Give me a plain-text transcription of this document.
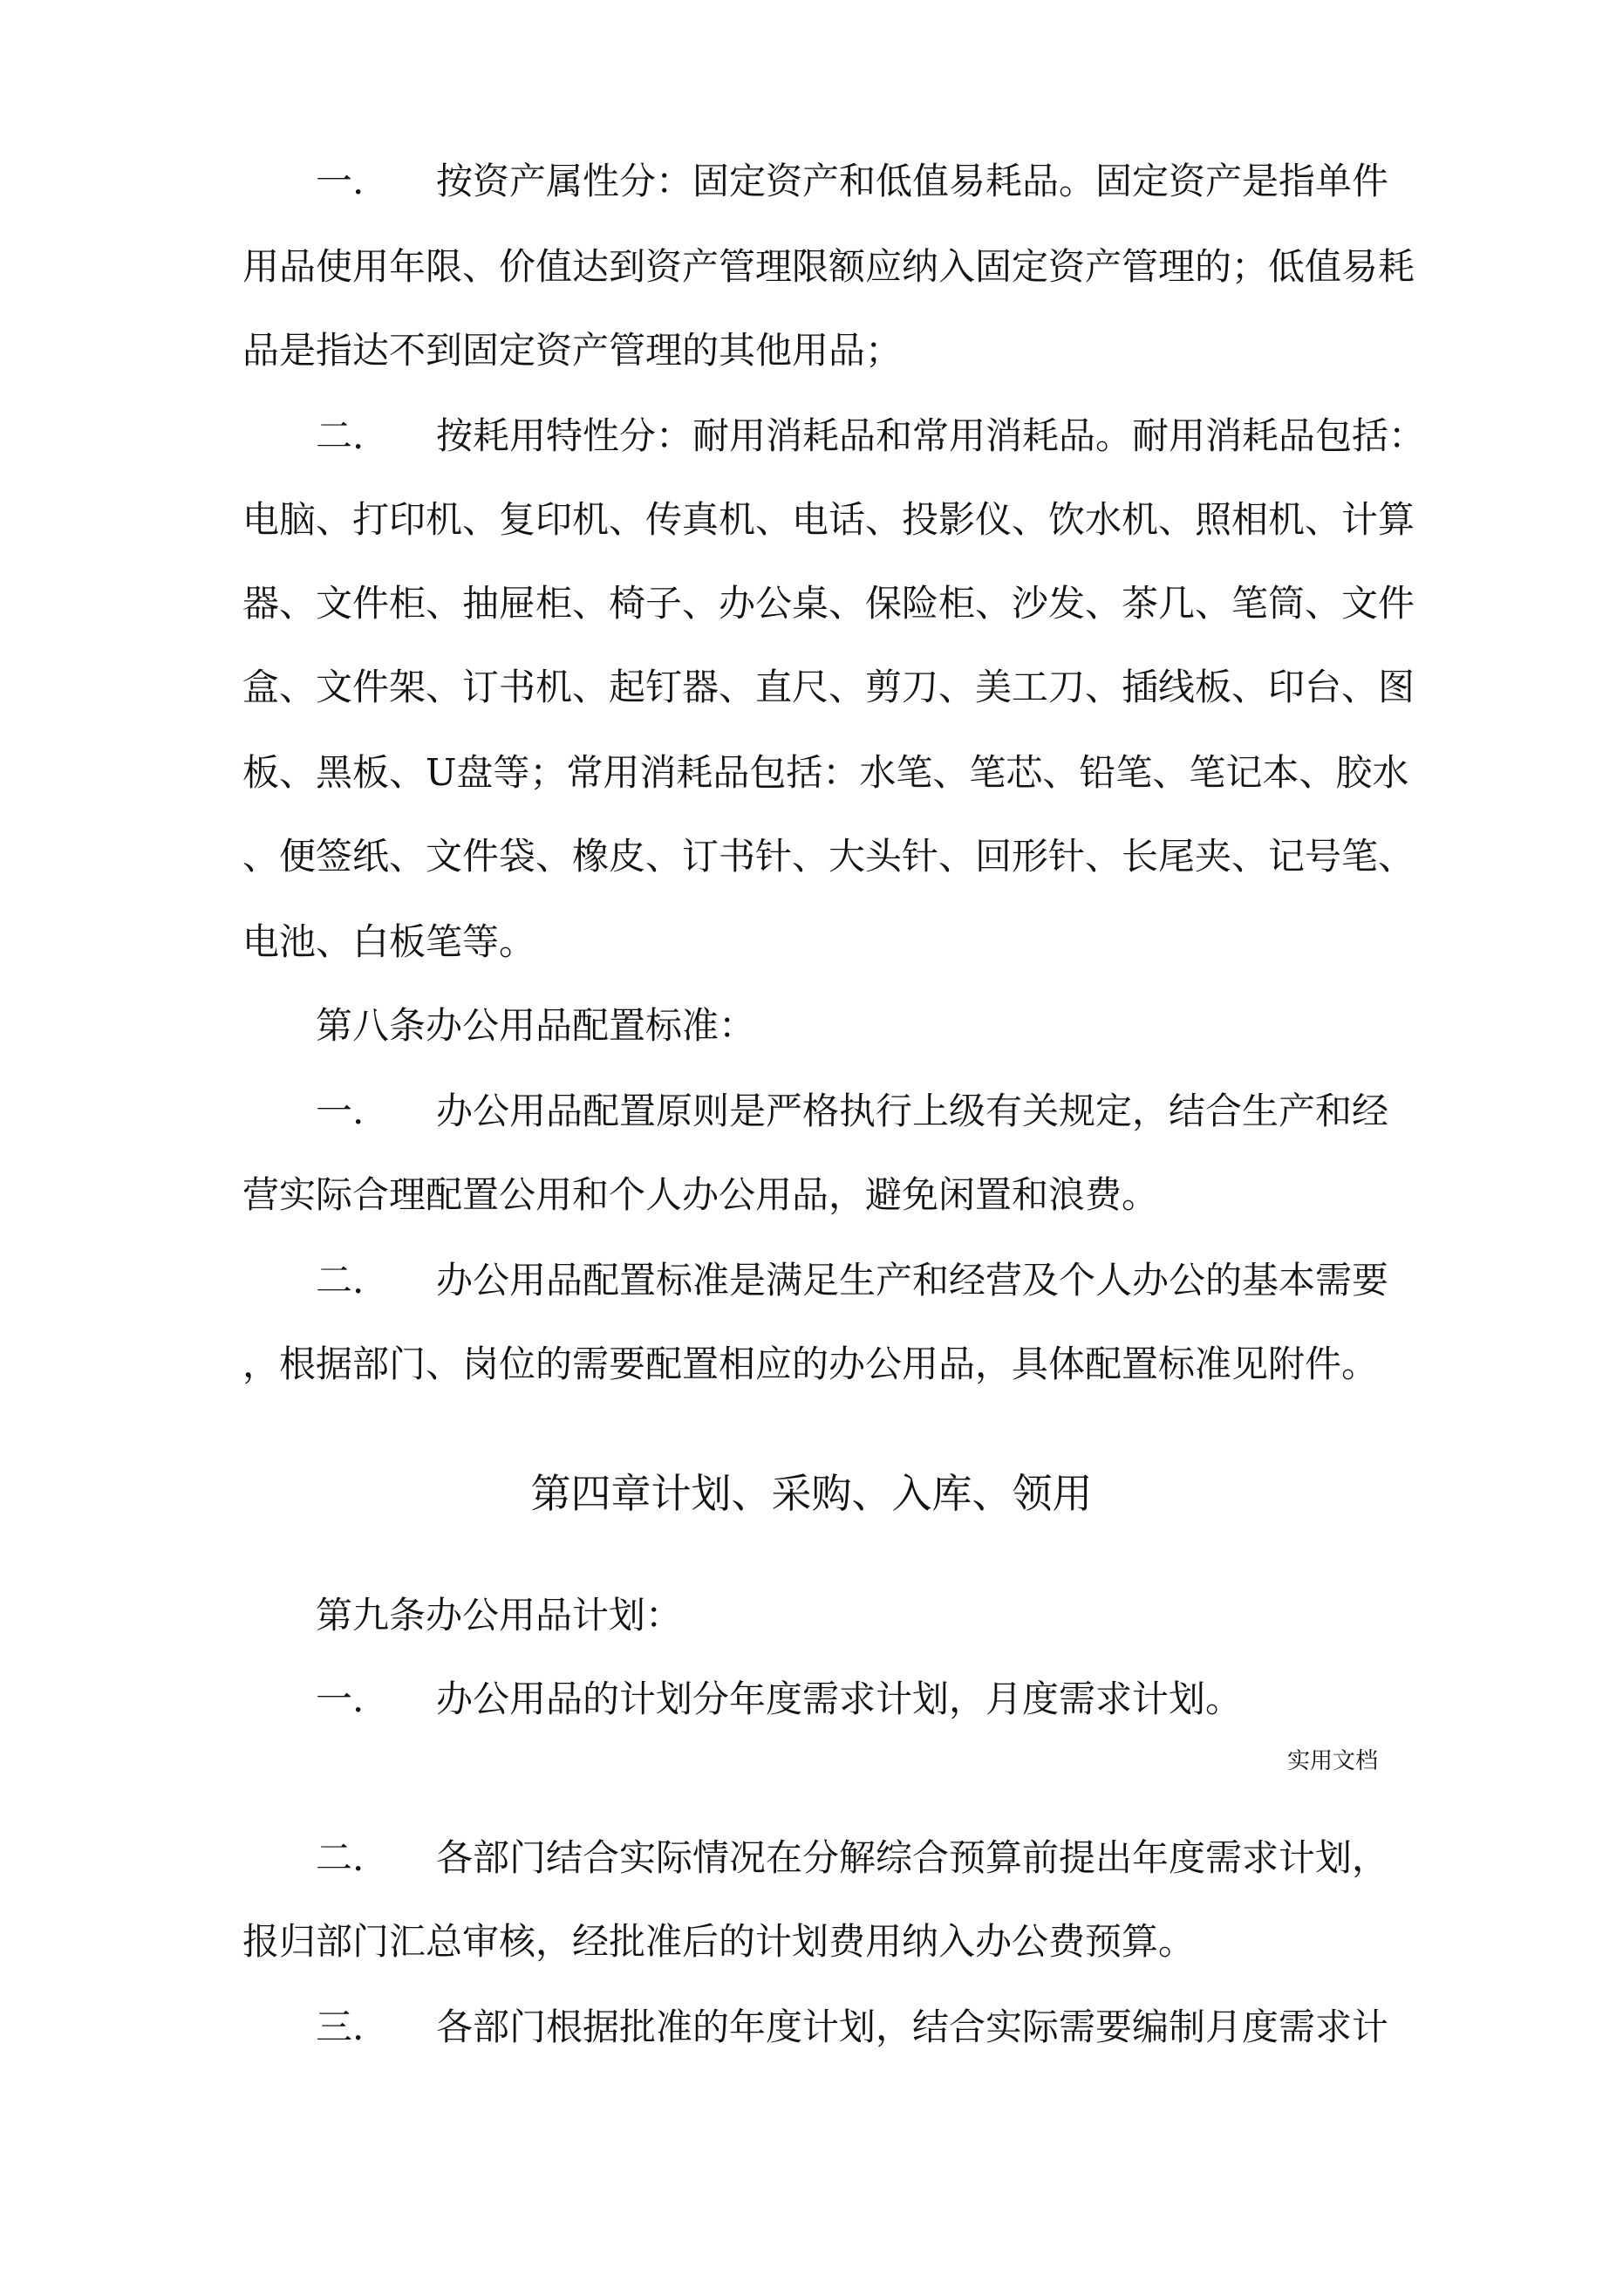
一. 按资产属性分：固定资产和低值易耗品。固定资产是指单件
用品使用年限、价值达到资产管理限额应纳入固定资产管理的；低值易耗
品是指达不到固定资产管理的其他用品；
二. 按耗用特性分：耐用消耗品和常用消耗品。耐用消耗品包括：
电脑、打印机、复印机、传真机、电话、投影仪、饮水机、照相机、计算
器、文件柜、抽屉柜、椅子、办公桌、保险柜、沙发、茶几、笔筒、文件
盒、文件架、订书机、起钉器、直尺、剪刀、美工刀、插线板、印台、图
板、黑板、U盘等；常用消耗品包括：水笔、笔芯、铅笔、笔记本、胶水
、便签纸、文件袋、橡皮、订书针、大头针、回形针、长尾夹、记号笔、
电池、白板笔等。
第八条办公用品配置标准：
一. 办公用品配置原则是严格执行上级有关规定，结合生产和经
营实际合理配置公用和个人办公用品，避免闲置和浪费。
二. 办公用品配置标准是满足生产和经营及个人办公的基本需要
，根据部门、岗位的需要配置相应的办公用品，具体配置标准见附件。
第四章计划、采购、入库、领用
第九条办公用品计划：
一. 办公用品的计划分年度需求计划，月度需求计划。
实用文档
二. 各部门结合实际情况在分解综合预算前提出年度需求计划，
报归部门汇总审核，经批准后的计划费用纳入办公费预算。
三. 各部门根据批准的年度计划，结合实际需要编制月度需求计
